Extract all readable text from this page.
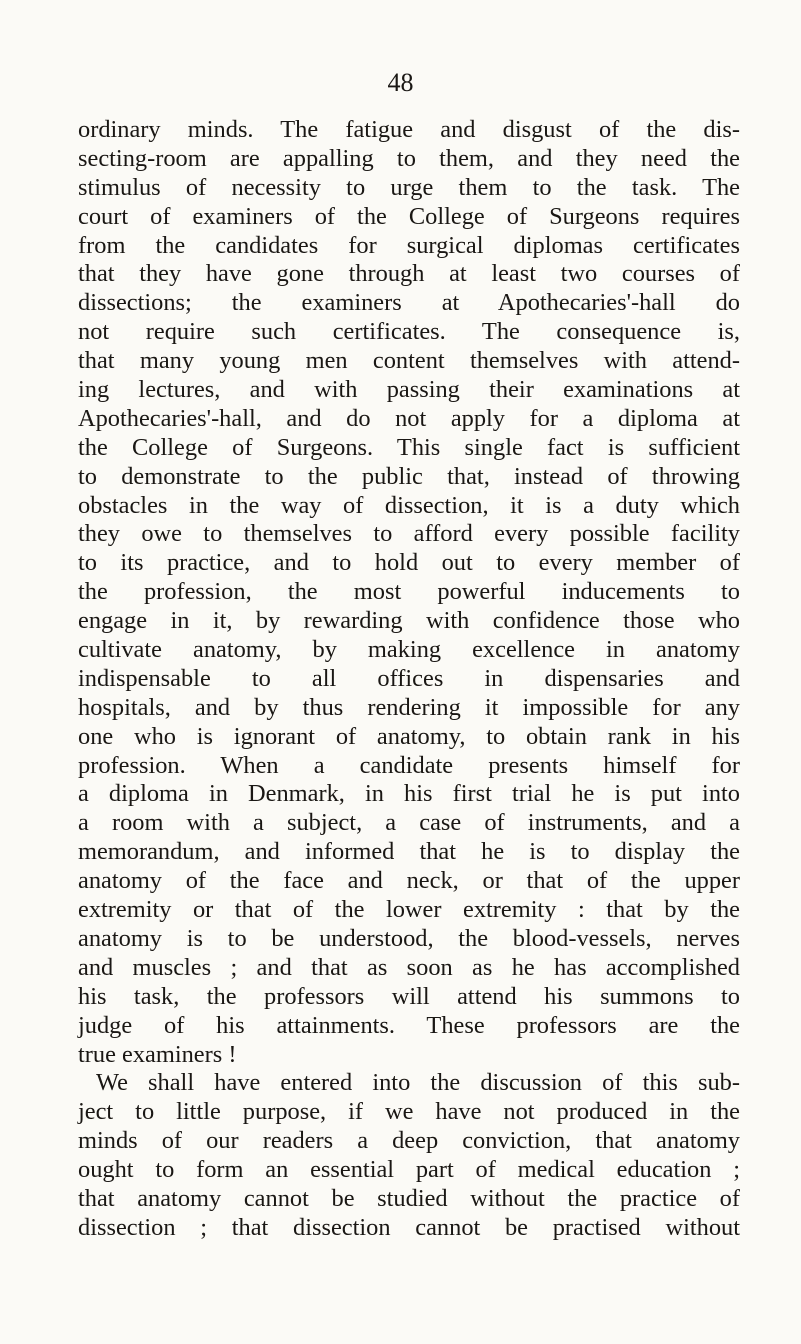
48
ordinary minds. The fatigue and disgust of the dis-
secting-room are appalling to them, and they need the
stimulus of necessity to urge them to the task. The
court of examiners of the College of Surgeons requires
from the candidates for surgical diplomas certificates
that they have gone through at least two courses of
dissections; the examiners at Apothecaries'-hall do
not require such certificates. The consequence is,
that many young men content themselves with attend-
ing lectures, and with passing their examinations at
Apothecaries'-hall, and do not apply for a diploma at
the College of Surgeons. This single fact is sufficient
to demonstrate to the public that, instead of throwing
obstacles in the way of dissection, it is a duty which
they owe to themselves to afford every possible facility
to its practice, and to hold out to every member of
the profession, the most powerful inducements to
engage in it, by rewarding with confidence those who
cultivate anatomy, by making excellence in anatomy
indispensable to all offices in dispensaries and
hospitals, and by thus rendering it impossible for any
one who is ignorant of anatomy, to obtain rank in his
profession. When a candidate presents himself for
a diploma in Denmark, in his first trial he is put into
a room with a subject, a case of instruments, and a
memorandum, and informed that he is to display the
anatomy of the face and neck, or that of the upper
extremity or that of the lower extremity : that by the
anatomy is to be understood, the blood-vessels, nerves
and muscles ; and that as soon as he has accomplished
his task, the professors will attend his summons to
judge of his attainments. These professors are the
true examiners !
We shall have entered into the discussion of this sub-
ject to little purpose, if we have not produced in the
minds of our readers a deep conviction, that anatomy
ought to form an essential part of medical education ;
that anatomy cannot be studied without the practice of
dissection ; that dissection cannot be practised without
